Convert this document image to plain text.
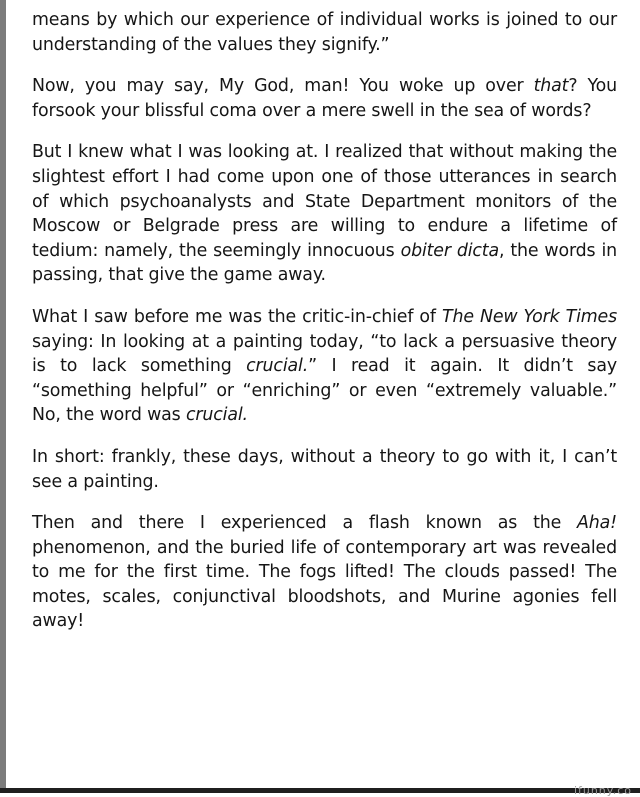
means by which our experience of individual works is joined to our understanding of the values they signify.”

Now, you may say, My God, man! You woke up over that? You forsook your blissful coma over a mere swell in the sea of words?

But I knew what I was looking at. I realized that without making the slightest effort I had come upon one of those utterances in search of which psychoanalysts and State Department monitors of the Moscow or Belgrade press are willing to endure a lifetime of tedium: namely, the seemingly innocuous obiter dicta, the words in passing, that give the game away.

What I saw before me was the critic-in-chief of The New York Times saying: In looking at a painting today, “to lack a persuasive theory is to lack something crucial.” I read it again. It didn’t say “something helpful” or “enriching” or even “extremely valuable.” No, the word was crucial.

In short: frankly, these days, without a theory to go with it, I can’t see a painting.

Then and there I experienced a flash known as the Aha! phenomenon, and the buried life of contemporary art was revealed to me for the first time. The fogs lifted! The clouds passed! The motes, scales, conjunctival bloodshots, and Murine agonies fell away!

ifunny.co
